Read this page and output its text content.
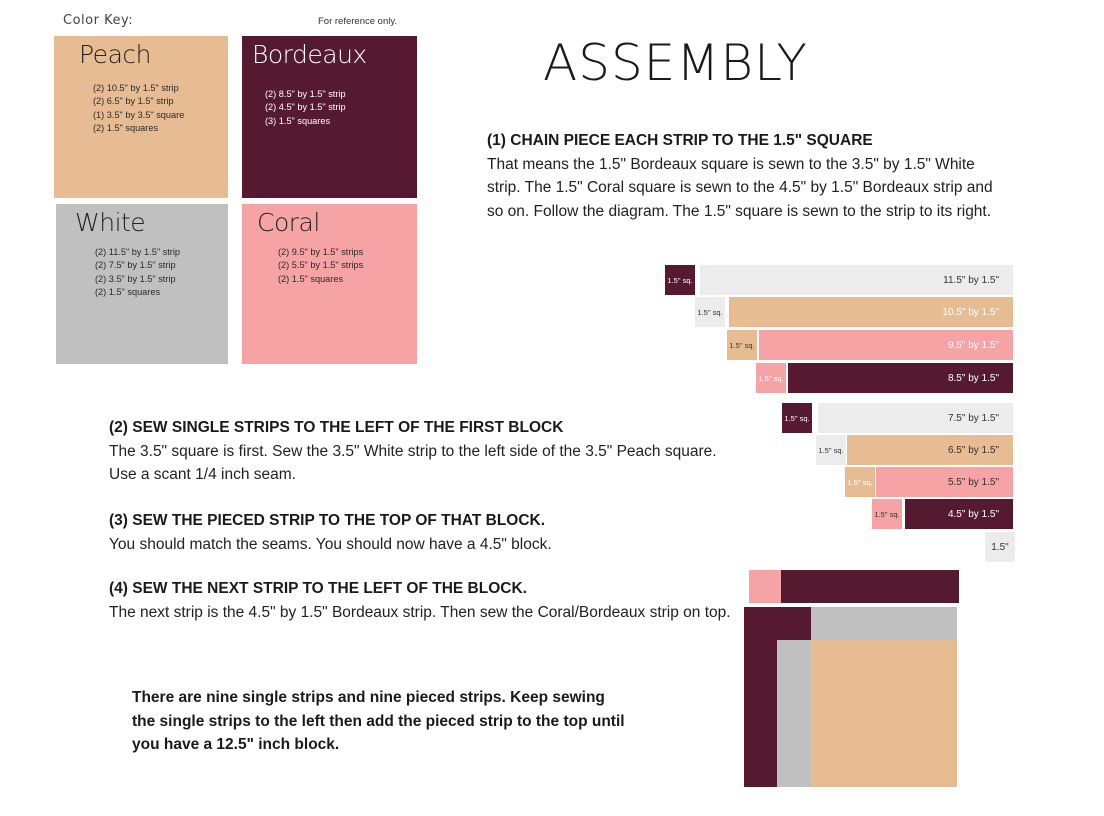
Color Key:	For reference only.
Peach
(2) 10.5" by 1.5" strip
(2) 6.5" by 1.5" strip
(1) 3.5" by 3.5" square
(2) 1.5" squares
Bordeaux
(2) 8.5" by 1.5" strip
(2) 4.5" by 1.5" strip
(3) 1.5" squares
White
(2) 11.5" by 1.5" strip
(2) 7.5" by 1.5" strip
(2) 3.5" by 1.5" strip
(2) 1.5" squares
Coral
(2) 9.5" by 1.5" strips
(2) 5.5" by 1.5" strips
(2) 1.5" squares
ASSEMBLY
(1) CHAIN PIECE EACH STRIP TO THE 1.5" SQUARE
That means the 1.5" Bordeaux square is sewn to the 3.5" by 1.5" White strip. The 1.5" Coral square is sewn to the 4.5" by 1.5" Bordeaux strip and so on. Follow the diagram. The 1.5" square is sewn to the strip to its right.
(2) SEW SINGLE STRIPS TO THE LEFT OF THE FIRST BLOCK
The 3.5" square is first. Sew the 3.5" White strip to the left side of the 3.5" Peach square. Use a scant 1/4 inch seam.
(3) SEW THE PIECED STRIP TO THE TOP OF THAT BLOCK.
You should match the seams. You should now have a 4.5" block.
(4) SEW THE NEXT STRIP TO THE LEFT OF THE BLOCK.
The next strip is the 4.5" by 1.5" Bordeaux strip. Then sew the Coral/Bordeaux strip on top.
There are nine single strips and nine pieced strips. Keep sewing the single strips to the left then add the pieced strip to the top until you have a 12.5" inch block.
1.5" sq.	11.5" by 1.5"
1.5" sq.	10.5" by 1.5"
1.5" sq.	9.5" by 1.5"
1.5" sq.	8.5" by 1.5"
1.5" sq.	7.5" by 1.5"
1.5" sq.	6.5" by 1.5"
1.5" sq.	5.5" by 1.5"
1.5" sq.	4.5" by 1.5"
1.5"
